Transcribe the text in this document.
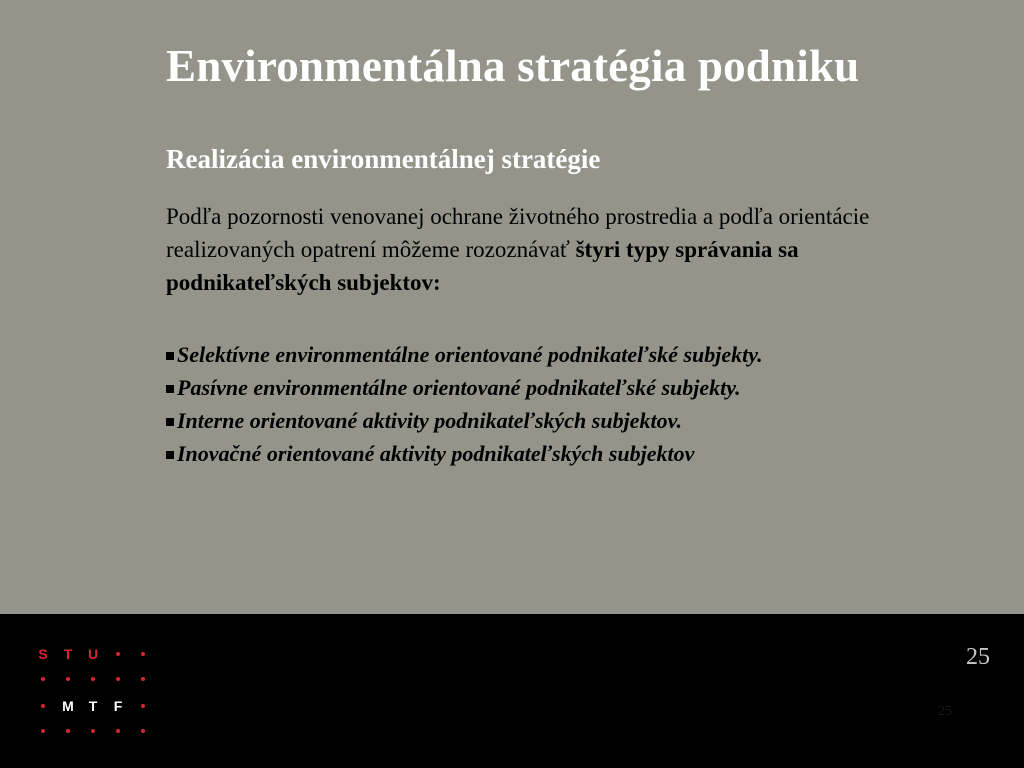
Environmentálna stratégia podniku
Realizácia environmentálnej stratégie

Podľa pozornosti venovanej ochrane životného prostredia a podľa orientácie realizovaných opatrení môžeme rozoznávať štyri typy správania sa podnikateľských subjektov:

Selektívne environmentálne orientované podnikateľské subjekty.
Pasívne environmentálne orientované podnikateľské subjekty.
Interne orientované aktivity podnikateľských subjektov.
Inovačné orientované aktivity podnikateľských subjektov
S	T	U
M	T	F
25
25
